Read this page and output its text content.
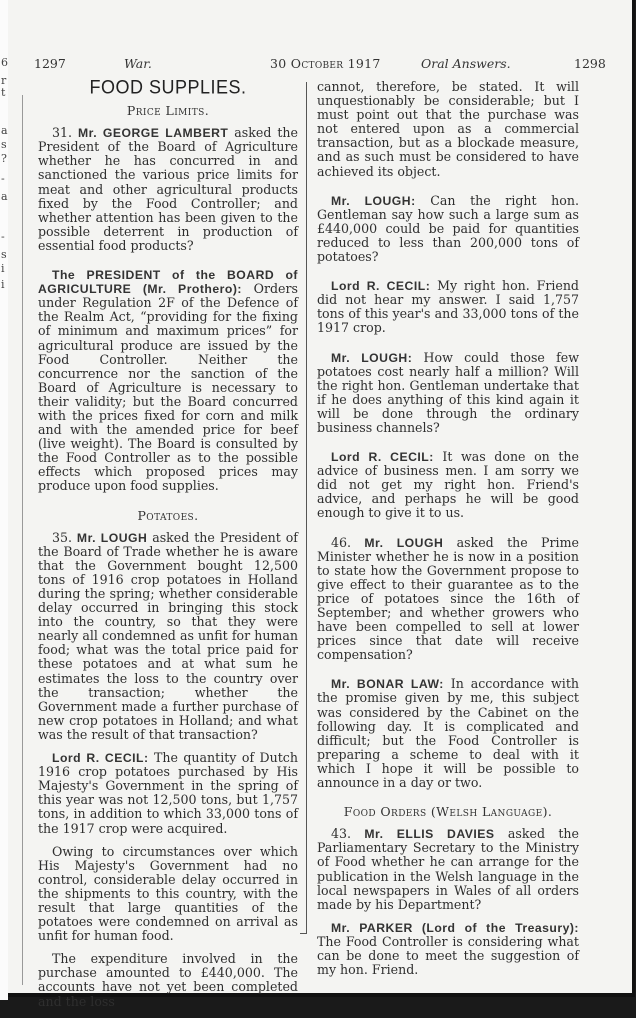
6
r
t
a
s
?
-
a
-
s
i
i
1297	War.	30 October 1917	Oral Answers.	1298
FOOD SUPPLIES.
Price Limits.

31. Mr. GEORGE LAMBERT asked the President of the Board of Agriculture whether he has concurred in and sanctioned the various price limits for meat and other agricultural products fixed by the Food Controller; and whether attention has been given to the possible deterrent in production of essential food products?

The PRESIDENT of the BOARD of AGRICULTURE (Mr. Prothero): Orders under Regulation 2F of the Defence of the Realm Act, “providing for the fixing of minimum and maximum prices” for agricultural produce are issued by the Food Controller. Neither the concurrence nor the sanction of the Board of Agriculture is necessary to their validity; but the Board concurred with the prices fixed for corn and milk and with the amended price for beef (live weight). The Board is consulted by the Food Controller as to the possible effects which proposed prices may produce upon food supplies.

Potatoes.

35. Mr. LOUGH asked the President of the Board of Trade whether he is aware that the Government bought 12,500 tons of 1916 crop potatoes in Holland during the spring; whether considerable delay occurred in bringing this stock into the country, so that they were nearly all condemned as unfit for human food; what was the total price paid for these potatoes and at what sum he estimates the loss to the country over the transaction; whether the Government made a further purchase of new crop potatoes in Holland; and what was the result of that transaction?

Lord R. CECIL: The quantity of Dutch 1916 crop potatoes purchased by His Majesty's Government in the spring of this year was not 12,500 tons, but 1,757 tons, in addition to which 33,000 tons of the 1917 crop were acquired.

Owing to circumstances over which His Majesty's Government had no control, considerable delay occurred in the shipments to this country, with the result that large quantities of the potatoes were condemned on arrival as unfit for human food.

The expenditure involved in the purchase amounted to £440,000. The accounts have not yet been completed and the loss

cannot, therefore, be stated. It will unquestionably be considerable; but I must point out that the purchase was not entered upon as a commercial transaction, but as a blockade measure, and as such must be considered to have achieved its object.

Mr. LOUGH: Can the right hon. Gentleman say how such a large sum as £440,000 could be paid for quantities reduced to less than 200,000 tons of potatoes?

Lord R. CECIL: My right hon. Friend did not hear my answer. I said 1,757 tons of this year's and 33,000 tons of the 1917 crop.

Mr. LOUGH: How could those few potatoes cost nearly half a million? Will the right hon. Gentleman undertake that if he does anything of this kind again it will be done through the ordinary business channels?

Lord R. CECIL: It was done on the advice of business men. I am sorry we did not get my right hon. Friend's advice, and perhaps he will be good enough to give it to us.

46. Mr. LOUGH asked the Prime Minister whether he is now in a position to state how the Government propose to give effect to their guarantee as to the price of potatoes since the 16th of September; and whether growers who have been compelled to sell at lower prices since that date will receive compensation?

Mr. BONAR LAW: In accordance with the promise given by me, this subject was considered by the Cabinet on the following day. It is complicated and difficult; but the Food Controller is preparing a scheme to deal with it which I hope it will be possible to announce in a day or two.

Food Orders (Welsh Language).

43. Mr. ELLIS DAVIES asked the Parliamentary Secretary to the Ministry of Food whether he can arrange for the publication in the Welsh language in the local newspapers in Wales of all orders made by his Department?

Mr. PARKER (Lord of the Treasury): The Food Controller is considering what can be done to meet the suggestion of my hon. Friend.
